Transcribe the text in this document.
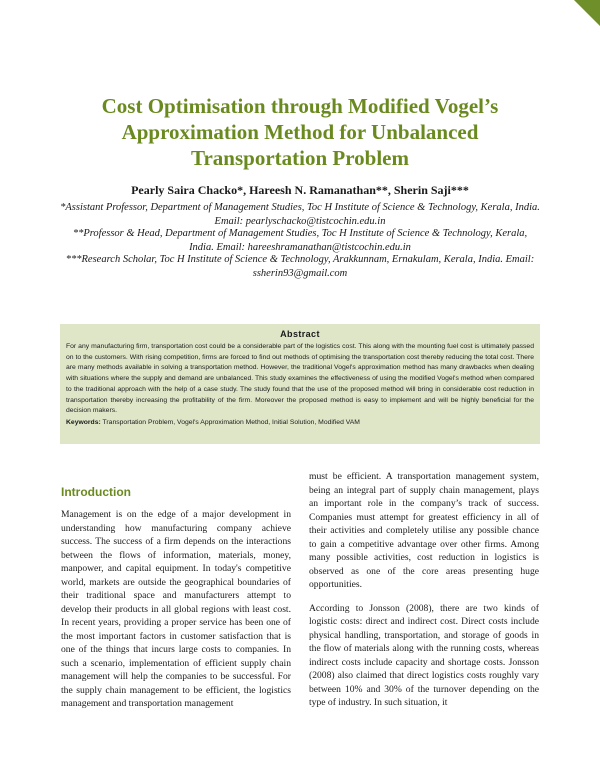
Cost Optimisation through Modified Vogel’s
Approximation Method for Unbalanced
Transportation Problem
Pearly Saira Chacko*, Hareesh N. Ramanathan**, Sherin Saji***
*Assistant Professor, Department of Management Studies, Toc H Institute of Science & Technology, Kerala, India. Email: pearlyschacko@tistcochin.edu.in
**Professor & Head, Department of Management Studies, Toc H Institute of Science & Technology, Kerala, India. Email: hareeshramanathan@tistcochin.edu.in
***Research Scholar, Toc H Institute of Science & Technology, Arakkunnam, Ernakulam, Kerala, India. Email: ssherin93@gmail.com
Abstract
For any manufacturing firm, transportation cost could be a considerable part of the logistics cost. This along with the mounting fuel cost is ultimately passed on to the customers. With rising competition, firms are forced to find out methods of optimising the transportation cost thereby reducing the total cost. There are many methods available in solving a transportation method. However, the traditional Vogel's approximation method has many drawbacks when dealing with situations where the supply and demand are unbalanced. This study examines the effectiveness of using the modified Vogel's method when compared to the traditional approach with the help of a case study. The study found that the use of the proposed method will bring in considerable cost reduction in transportation thereby increasing the profitability of the firm. Moreover the proposed method is easy to implement and will be highly beneficial for the decision makers.
Keywords: Transportation Problem, Vogel's Approximation Method, Initial Solution, Modified VAM
Introduction

Management is on the edge of a major development in understanding how manufacturing company achieve success. The success of a firm depends on the interactions between the flows of information, materials, money, manpower, and capital equipment. In today's competitive world, markets are outside the geographical boundaries of their traditional space and manufacturers attempt to develop their products in all global regions with least cost. In recent years, providing a proper service has been one of the most important factors in customer satisfaction that is one of the things that incurs large costs to companies. In such a scenario, implementation of efficient supply chain management will help the companies to be successful. For the supply chain management to be efficient, the logistics management and transportation management

must be efficient. A transportation management system, being an integral part of supply chain management, plays an important role in the company’s track of success. Companies must attempt for greatest efficiency in all of their activities and completely utilise any possible chance to gain a competitive advantage over other firms. Among many possible activities, cost reduction in logistics is observed as one of the core areas presenting huge opportunities.

According to Jonsson (2008), there are two kinds of logistic costs: direct and indirect cost. Direct costs include physical handling, transportation, and storage of goods in the flow of materials along with the running costs, whereas indirect costs include capacity and shortage costs. Jonsson (2008) also claimed that direct logistics costs roughly vary between 10% and 30% of the turnover depending on the type of industry. In such situation, it
